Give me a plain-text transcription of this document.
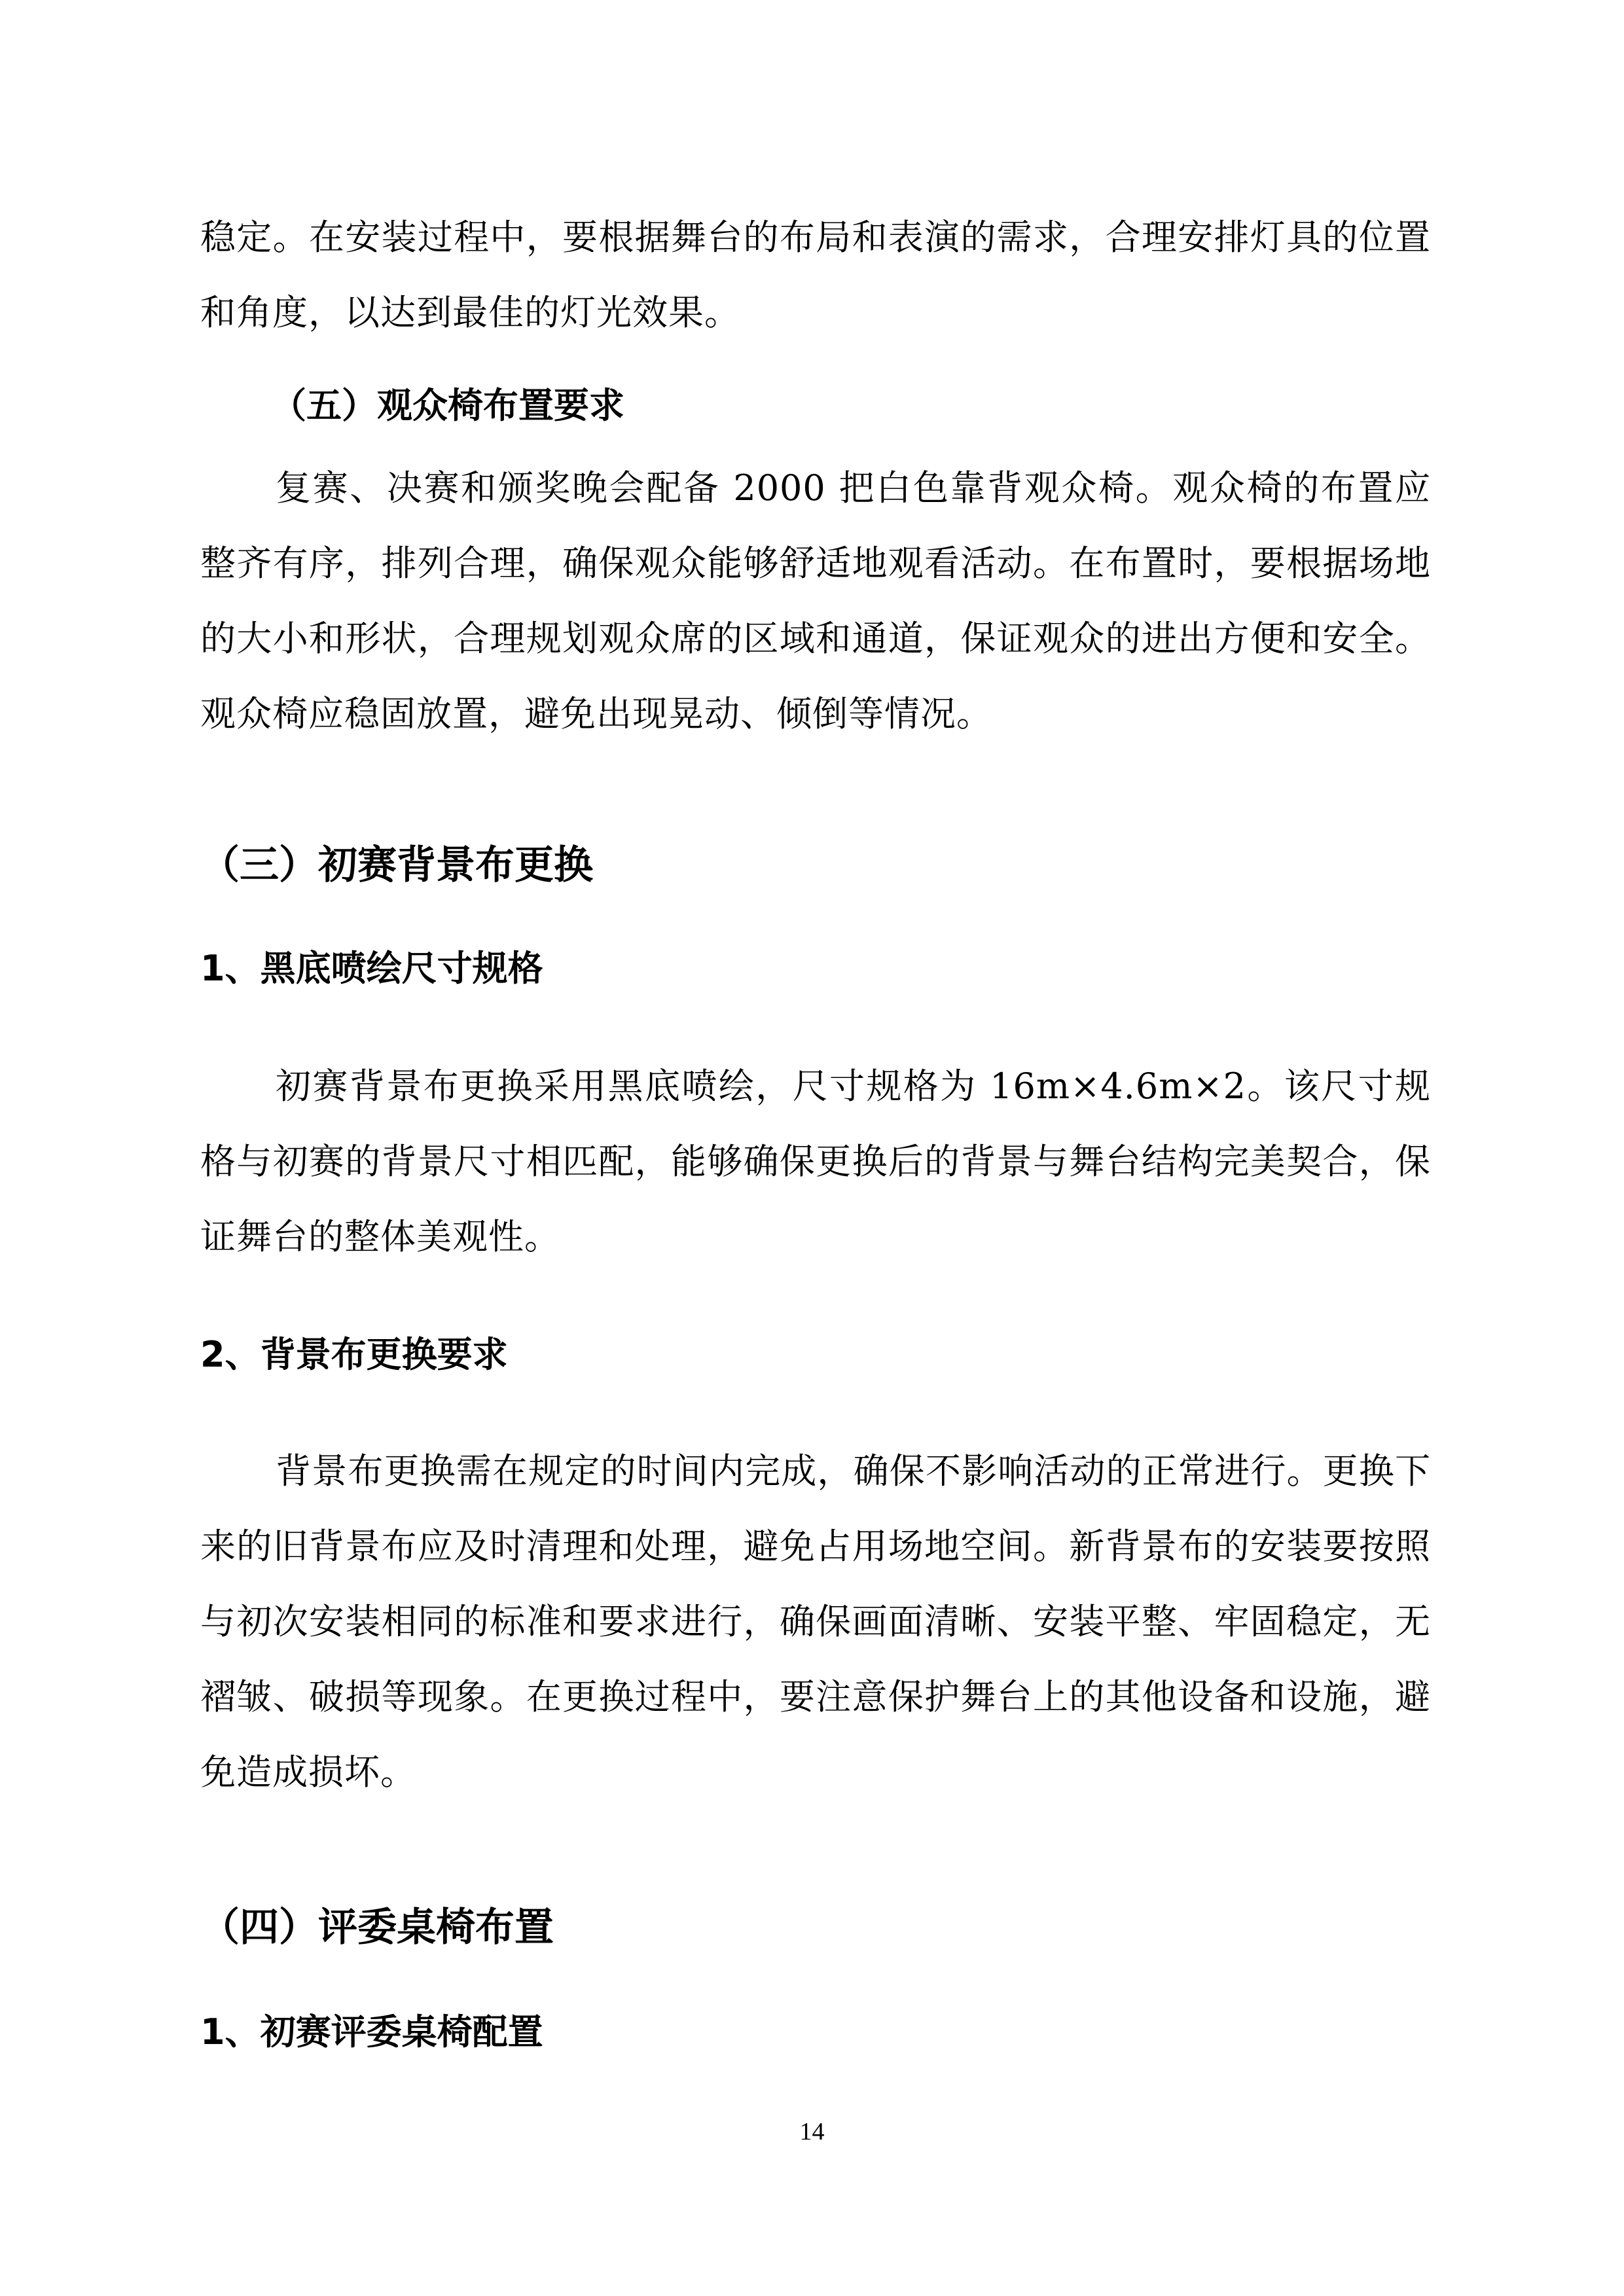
稳定。在安装过程中，要根据舞台的布局和表演的需求，合理安排灯具的位置和角度，以达到最佳的灯光效果。

（五）观众椅布置要求

复赛、决赛和颁奖晚会配备 2000 把白色靠背观众椅。观众椅的布置应整齐有序，排列合理，确保观众能够舒适地观看活动。在布置时，要根据场地的大小和形状，合理规划观众席的区域和通道，保证观众的进出方便和安全。观众椅应稳固放置，避免出现晃动、倾倒等情况。

（三）初赛背景布更换
1、黑底喷绘尺寸规格

初赛背景布更换采用黑底喷绘，尺寸规格为 16m×4.6m×2。该尺寸规格与初赛的背景尺寸相匹配，能够确保更换后的背景与舞台结构完美契合，保证舞台的整体美观性。

2、背景布更换要求

背景布更换需在规定的时间内完成，确保不影响活动的正常进行。更换下来的旧背景布应及时清理和处理，避免占用场地空间。新背景布的安装要按照与初次安装相同的标准和要求进行，确保画面清晰、安装平整、牢固稳定，无褶皱、破损等现象。在更换过程中，要注意保护舞台上的其他设备和设施，避免造成损坏。

（四）评委桌椅布置
1、初赛评委桌椅配置
14
